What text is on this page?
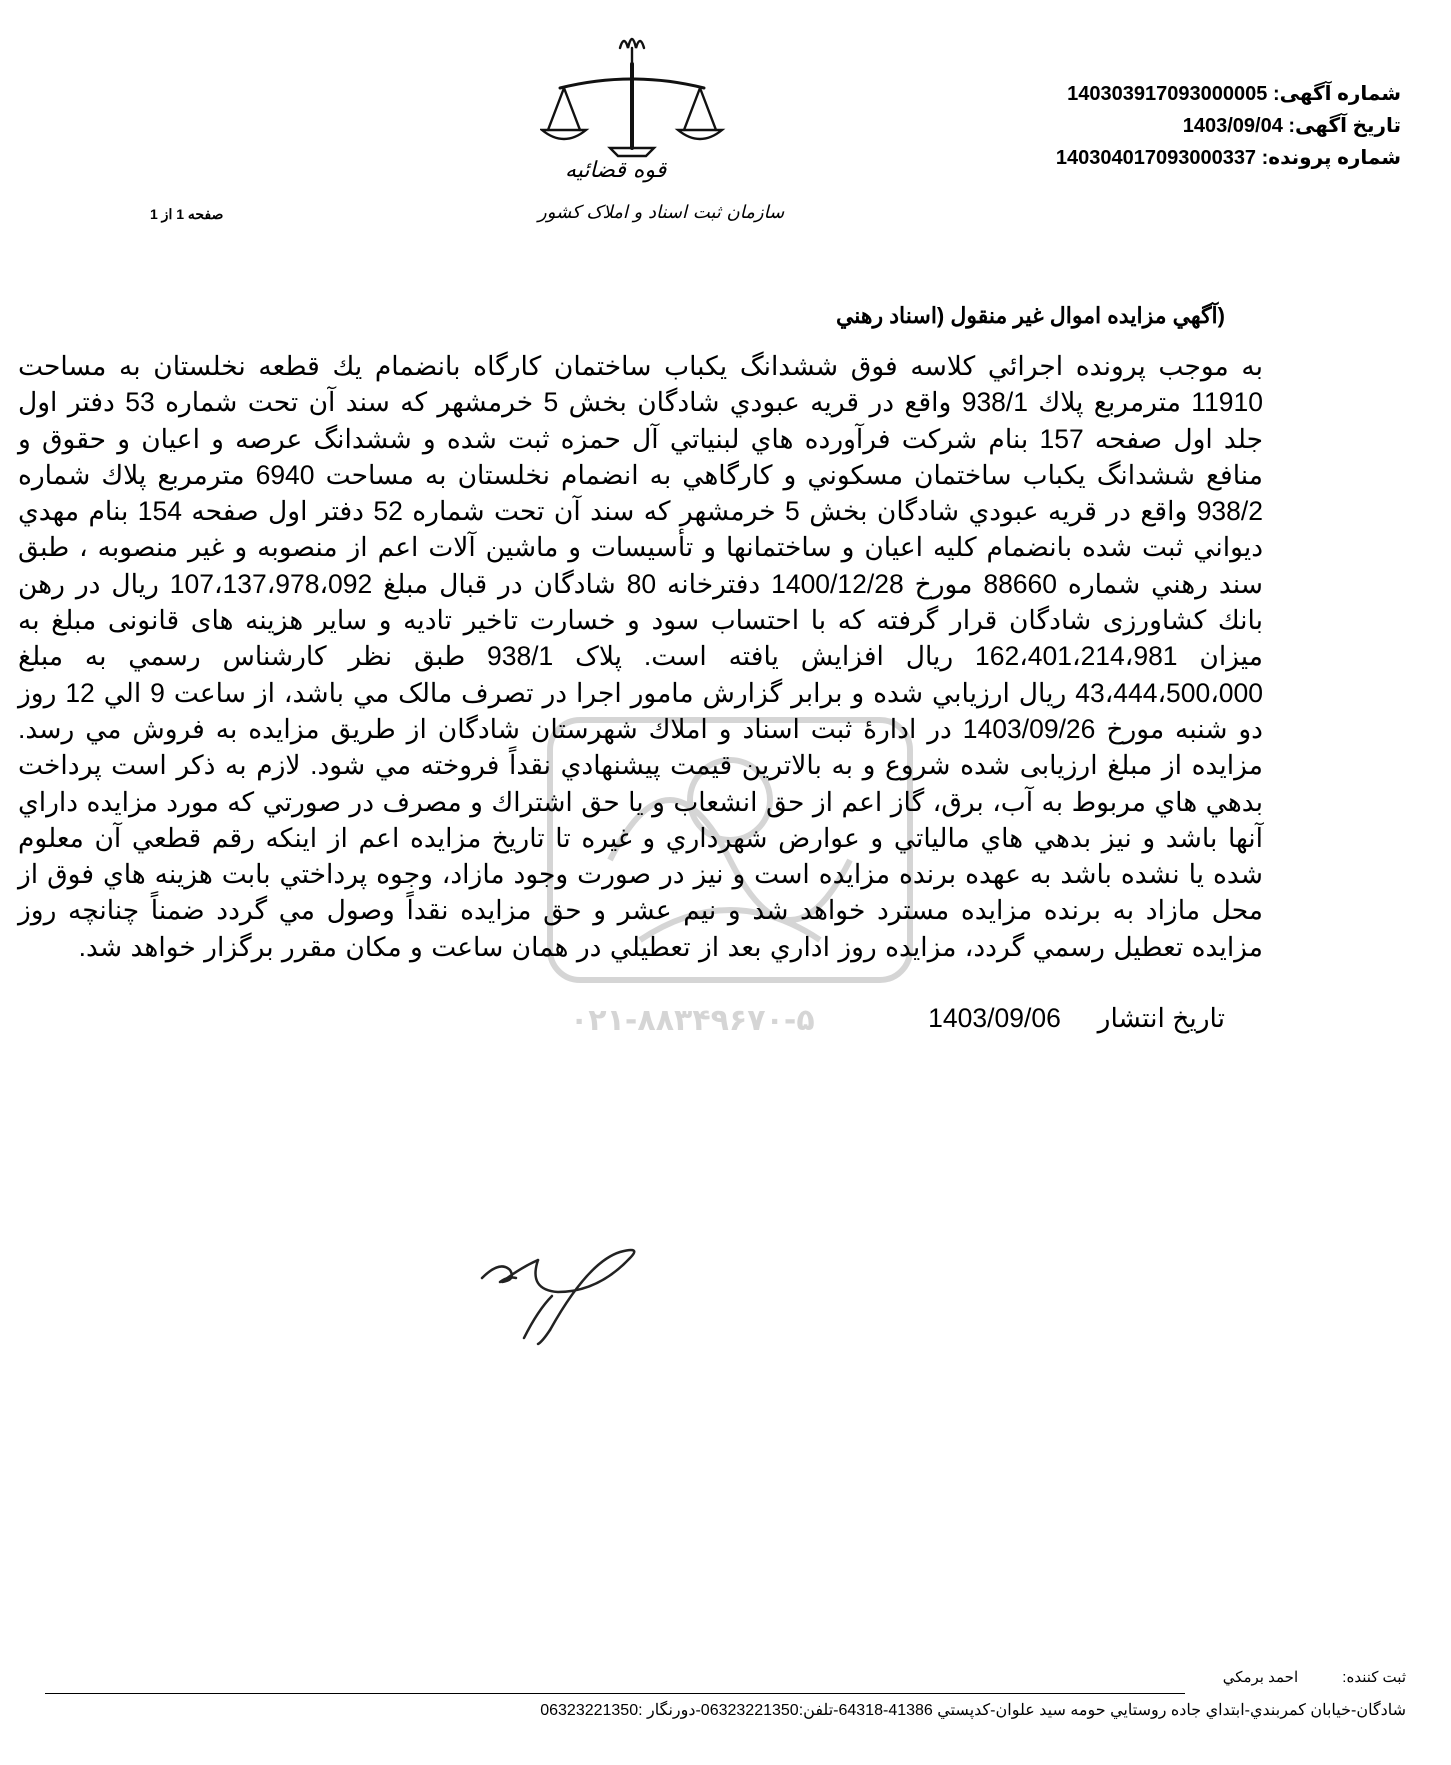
شماره آگهی: 140303917093000005
تاریخ آگهی: 1403/09/04
شماره پرونده: 140304017093000337
قوه قضائیه
سازمان ثبت اسناد و املاک کشور
صفحه 1 از 1
(آگهي مزايده اموال غير منقول (اسناد رهني
۰۲۱-۸۸۳۴۹۶۷۰-۵

به موجب پرونده اجرائي كلاسه فوق ششدانگ يكباب ساختمان كارگاه بانضمام يك قطعه نخلستان به مساحت 11910 مترمربع پلاك 938/1 واقع در قريه عبودي شادگان بخش 5 خرمشهر كه سند آن تحت شماره 53 دفتر اول جلد اول صفحه 157 بنام شركت فرآورده هاي لبنياتي آل حمزه ثبت شده و ششدانگ عرصه و اعيان و حقوق و منافع ششدانگ يكباب ساختمان مسكوني و كارگاهي به انضمام نخلستان به مساحت 6940 مترمربع پلاك شماره 938/2 واقع در قريه عبودي شادگان بخش 5 خرمشهر كه سند آن تحت شماره 52 دفتر اول صفحه 154 بنام مهدي ديواني ثبت شده بانضمام كليه اعيان و ساختمانها و تأسيسات و ماشين آلات اعم از منصوبه و غير منصوبه ، طبق سند رهني شماره 88660 مورخ 1400/12/28 دفترخانه 80 شادگان در قبال مبلغ 107،137،978،092 ريال در رهن بانك كشاورزی شادگان قرار گرفته كه با احتساب سود و خسارت تاخير تاديه و ساير هزينه های قانونی مبلغ به ميزان 162،401،214،981 ريال افزايش يافته است. پلاک 938/1 طبق نظر كارشناس رسمي به مبلغ 43،444،500،000 ريال ارزيابي شده و برابر گزارش مامور اجرا در تصرف مالک مي باشد، از ساعت 9 الي 12 روز دو شنبه مورخ 1403/09/26 در ادارۀ ثبت اسناد و املاك شهرستان شادگان از طريق مزايده به فروش مي رسد. مزايده از مبلغ ارزيابی شده شروع و به بالاترين قيمت پيشنهادي نقداً فروخته مي شود. لازم به ذكر است پرداخت بدهي هاي مربوط به آب، برق، گاز اعم از حق انشعاب و يا حق اشتراك و مصرف در صورتي كه مورد مزايده داراي آنها باشد و نيز بدهي هاي مالياتي و عوارض شهرداري و غيره تا تاريخ مزايده اعم از اينكه رقم قطعي آن معلوم شده يا نشده باشد به عهده برنده مزايده است و نيز در صورت وجود مازاد، وجوه پرداختي بابت هزينه هاي فوق از محل مازاد به برنده مزايده مسترد خواهد شد و نيم عشر و حق مزايده نقداً وصول مي گردد ضمناً چنانچه روز مزايده تعطيل رسمي گردد، مزايده روز اداري بعد از تعطيلي در همان ساعت و مكان مقرر برگزار خواهد شد.

تاريخ انتشار     1403/09/06
ثبت كننده: احمد برمكي
شادگان-خيابان كمربندي-ابتداي جاده روستايي حومه سيد علوان-كدپستي 41386-64318-تلفن:06323221350-دورنگار :06323221350
